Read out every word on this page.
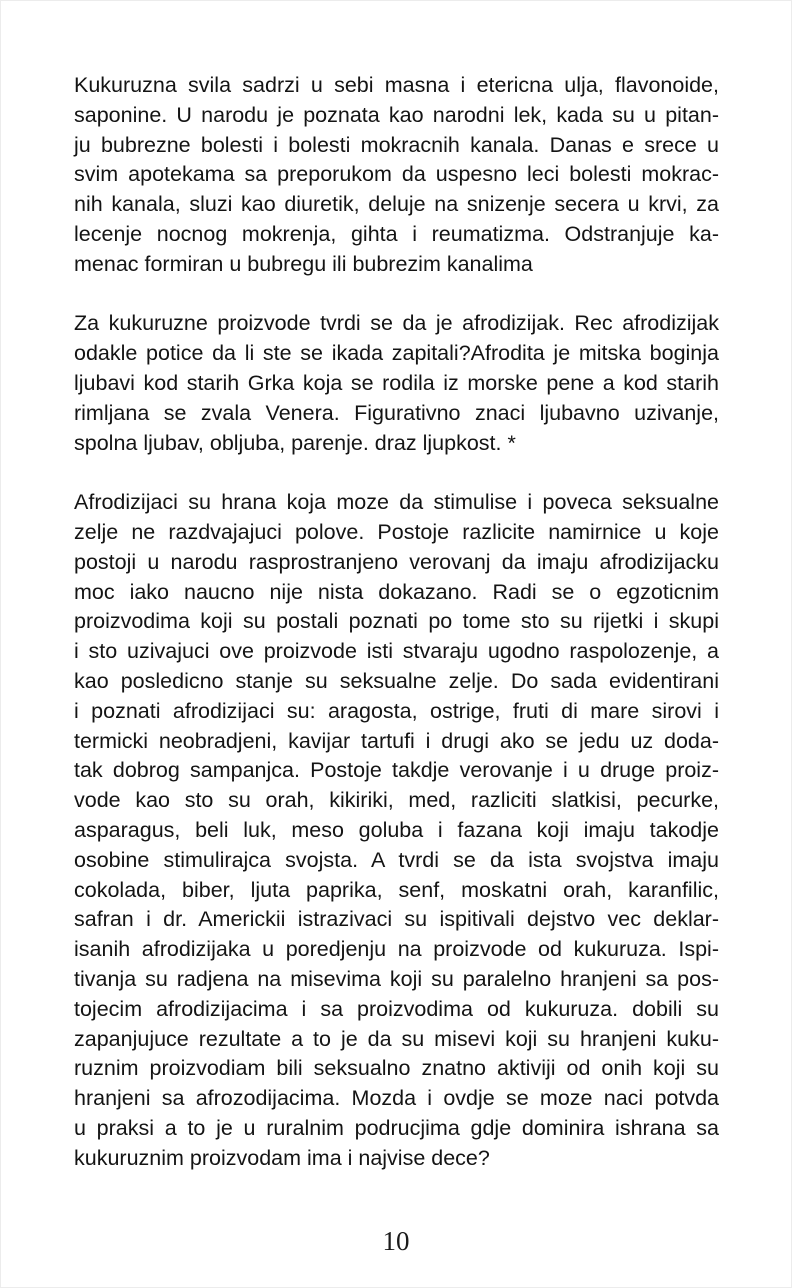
Kukuruzna svila sadrzi u sebi masna i etericna ulja, flavonoide,
saponine. U narodu je poznata kao narodni lek, kada su u pitan-
ju bubrezne bolesti i bolesti mokracnih kanala. Danas e srece u
svim apotekama sa preporukom da uspesno leci bolesti mokrac-
nih kanala, sluzi kao diuretik, deluje na snizenje secera u krvi, za
lecenje nocnog mokrenja, gihta i reumatizma. Odstranjuje ka-
menac formiran u bubregu ili bubrezim kanalima
Za kukuruzne proizvode tvrdi se da je afrodizijak. Rec afrodizijak
odakle potice da li ste se ikada zapitali?Afrodita je mitska boginja
ljubavi kod starih Grka koja se rodila iz morske pene a kod starih
rimljana se zvala Venera. Figurativno znaci ljubavno uzivanje,
spolna ljubav, obljuba, parenje. draz ljupkost. *
Afrodizijaci su hrana koja moze da stimulise i poveca seksualne
zelje ne razdvajajuci polove. Postoje razlicite namirnice u koje
postoji u narodu rasprostranjeno verovanj da imaju afrodizijacku
moc iako naucno nije nista dokazano. Radi se o egzoticnim
proizvodima koji su postali poznati po tome sto su rijetki i skupi
i sto uzivajuci ove proizvode isti stvaraju ugodno raspolozenje, a
kao posledicno stanje su seksualne zelje. Do sada evidentirani
i poznati afrodizijaci su: aragosta, ostrige, fruti di mare sirovi i
termicki neobradjeni, kavijar tartufi i drugi ako se jedu uz doda-
tak dobrog sampanjca. Postoje takdje verovanje i u druge proiz-
vode kao sto su orah, kikiriki, med, razliciti slatkisi, pecurke,
asparagus, beli luk, meso goluba i fazana koji imaju takodje
osobine stimulirajca svojsta. A tvrdi se da ista svojstva imaju
cokolada, biber, ljuta paprika, senf, moskatni orah, karanfilic,
safran i dr. Americkii istrazivaci su ispitivali dejstvo vec deklar-
isanih afrodizijaka u poredjenju na proizvode od kukuruza. Ispi-
tivanja su radjena na misevima koji su paralelno hranjeni sa pos-
tojecim afrodizijacima i sa proizvodima od kukuruza. dobili su
zapanjujuce rezultate a to je da su misevi koji su hranjeni kuku-
ruznim proizvodiam bili seksualno znatno aktiviji od onih koji su
hranjeni sa afrozodijacima. Mozda i ovdje se moze naci potvda
u praksi a to je u ruralnim podrucjima gdje dominira ishrana sa
kukuruznim proizvodam ima i najvise dece?
10
